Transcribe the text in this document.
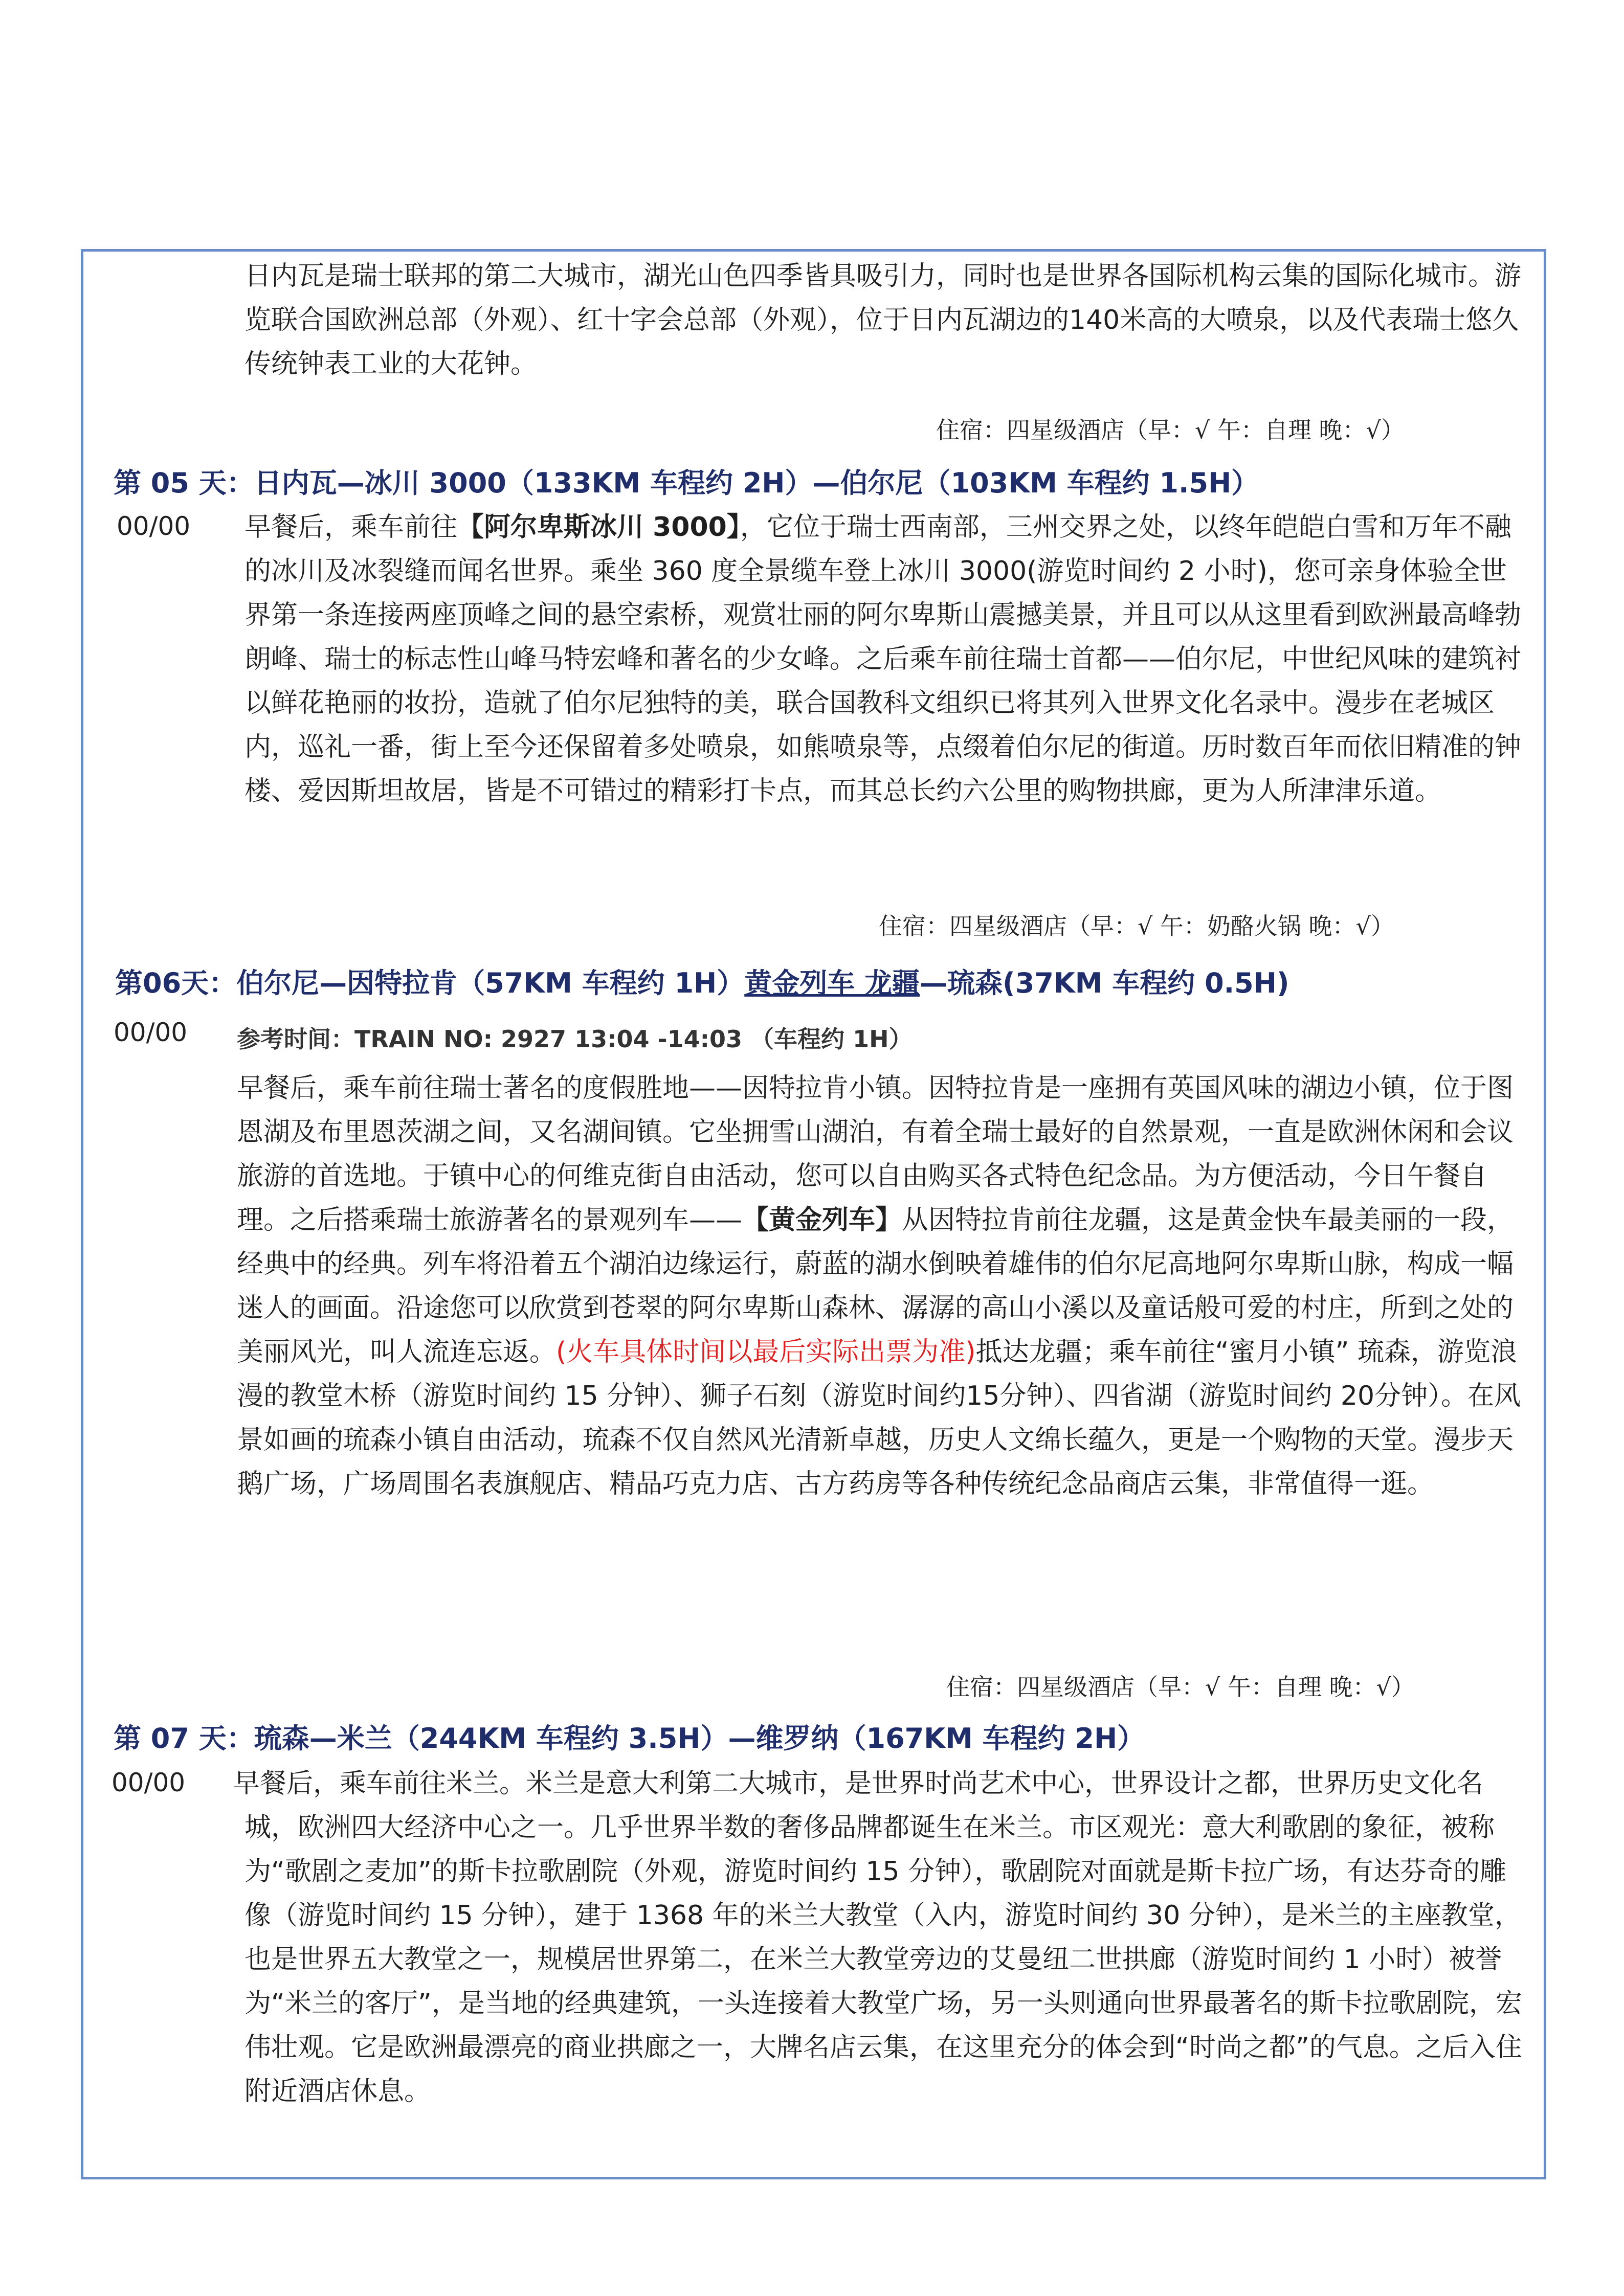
日内瓦是瑞士联邦的第二大城市，湖光山色四季皆具吸引力，同时也是世界各国际机构云集的国际化城市。游览联合国欧洲总部（外观）、红十字会总部（外观），位于日内瓦湖边的140米高的大喷泉，以及代表瑞士悠久传统钟表工业的大花钟。

住宿：四星级酒店（早：√ 午：自理 晚：√）
第 05 天：日内瓦—冰川 3000（133KM 车程约 2H）—伯尔尼（103KM 车程约 1.5H）
00/00 早餐后，乘车前往【阿尔卑斯冰川 3000】，它位于瑞士西南部，三州交界之处，以终年皑皑白雪和万年不融的冰川及冰裂缝而闻名世界。乘坐 360 度全景缆车登上冰川 3000(游览时间约 2 小时)，您可亲身体验全世界第一条连接两座顶峰之间的悬空索桥，观赏壮丽的阿尔卑斯山震撼美景，并且可以从这里看到欧洲最高峰勃朗峰、瑞士的标志性山峰马特宏峰和著名的少女峰。之后乘车前往瑞士首都——伯尔尼，中世纪风味的建筑衬以鲜花艳丽的妆扮，造就了伯尔尼独特的美，联合国教科文组织已将其列入世界文化名录中。漫步在老城区内，巡礼一番，街上至今还保留着多处喷泉，如熊喷泉等，点缀着伯尔尼的街道。历时数百年而依旧精准的钟楼、爱因斯坦故居，皆是不可错过的精彩打卡点，而其总长约六公里的购物拱廊，更为人所津津乐道。

住宿：四星级酒店（早：√ 午：奶酪火锅 晚：√）
第06天：伯尔尼—因特拉肯（57KM 车程约 1H）黄金列车 龙疆—琉森(37KM 车程约 0.5H)
00/00 参考时间：TRAIN NO: 2927 13:04 -14:03 （车程约 1H）

早餐后，乘车前往瑞士著名的度假胜地——因特拉肯小镇。因特拉肯是一座拥有英国风味的湖边小镇，位于图恩湖及布里恩茨湖之间，又名湖间镇。它坐拥雪山湖泊，有着全瑞士最好的自然景观，一直是欧洲休闲和会议旅游的首选地。于镇中心的何维克街自由活动，您可以自由购买各式特色纪念品。为方便活动，今日午餐自理。之后搭乘瑞士旅游著名的景观列车——【黄金列车】从因特拉肯前往龙疆，这是黄金快车最美丽的一段，经典中的经典。列车将沿着五个湖泊边缘运行，蔚蓝的湖水倒映着雄伟的伯尔尼高地阿尔卑斯山脉，构成一幅迷人的画面。沿途您可以欣赏到苍翠的阿尔卑斯山森林、潺潺的高山小溪以及童话般可爱的村庄，所到之处的美丽风光，叫人流连忘返。(火车具体时间以最后实际出票为准)抵达龙疆；乘车前往“蜜月小镇” 琉森，游览浪漫的教堂木桥（游览时间约 15 分钟）、狮子石刻（游览时间约15分钟）、四省湖（游览时间约 20分钟）。在风景如画的琉森小镇自由活动，琉森不仅自然风光清新卓越，历史人文绵长蕴久，更是一个购物的天堂。漫步天鹅广场，广场周围名表旗舰店、精品巧克力店、古方药房等各种传统纪念品商店云集，非常值得一逛。

住宿：四星级酒店（早：√ 午：自理 晚：√）
第 07 天：琉森—米兰（244KM 车程约 3.5H）—维罗纳（167KM 车程约 2H）
00/00 早餐后，乘车前往米兰。米兰是意大利第二大城市，是世界时尚艺术中心，世界设计之都，世界历史文化名城，欧洲四大经济中心之一。几乎世界半数的奢侈品牌都诞生在米兰。市区观光：意大利歌剧的象征，被称为“歌剧之麦加”的斯卡拉歌剧院（外观，游览时间约 15 分钟），歌剧院对面就是斯卡拉广场，有达芬奇的雕像（游览时间约 15 分钟），建于 1368 年的米兰大教堂（入内，游览时间约 30 分钟），是米兰的主座教堂，也是世界五大教堂之一，规模居世界第二，在米兰大教堂旁边的艾曼纽二世拱廊（游览时间约 1 小时）被誉为“米兰的客厅”，是当地的经典建筑，一头连接着大教堂广场，另一头则通向世界最著名的斯卡拉歌剧院，宏伟壮观。它是欧洲最漂亮的商业拱廊之一，大牌名店云集，在这里充分的体会到“时尚之都”的气息。之后入住附近酒店休息。
